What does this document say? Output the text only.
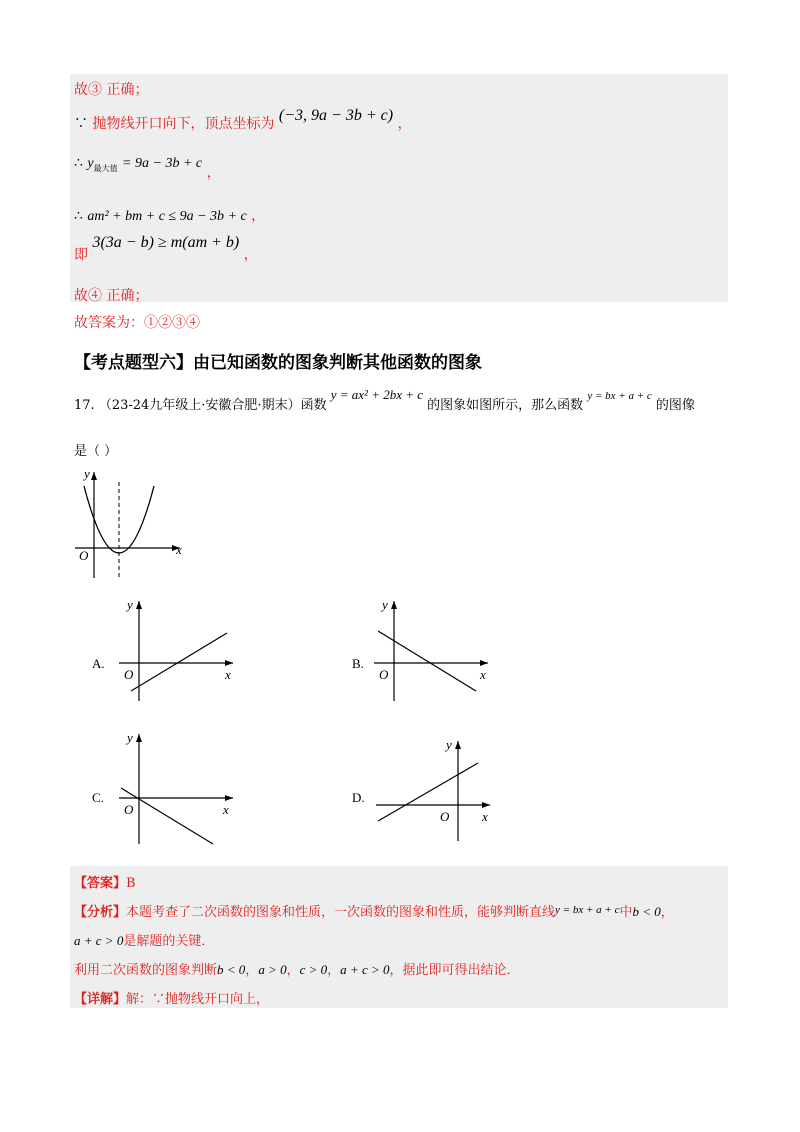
故③ 正确；
∵ 抛物线开口向下，顶点坐标为 (−3, 9a − 3b + c) ，
∴ $y_{最大值} = 9a - 3b + c$ ，
∴ am² + bm + c ≤ 9a − 3b + c ，
即 3(3a − b) ≥ m(am + b) ，
故④ 正确；
故答案为：①②③④
【考点题型六】由已知函数的图象判断其他函数的图象
17. （23-24九年级上·安徽合肥·期末）函数 y = ax² + 2bx + c 的图象如图所示，那么函数 $^{y = bx + a + c}$ 的图像
是（ ）
y
x
O
A.
y
x
O
B.
y
x
O
C.
y
x
O
D.
y
x
O
【答案】B
【分析】本题考查了二次函数的图象和性质，一次函数的图象和性质，能够判断直线$^{y = bx + a + c}$中b < 0，
a + c > 0是解题的关键．
利用二次函数的图象判断b < 0，a > 0，c > 0，a + c > 0，据此即可得出结论．
【详解】解：∵抛物线开口向上，
